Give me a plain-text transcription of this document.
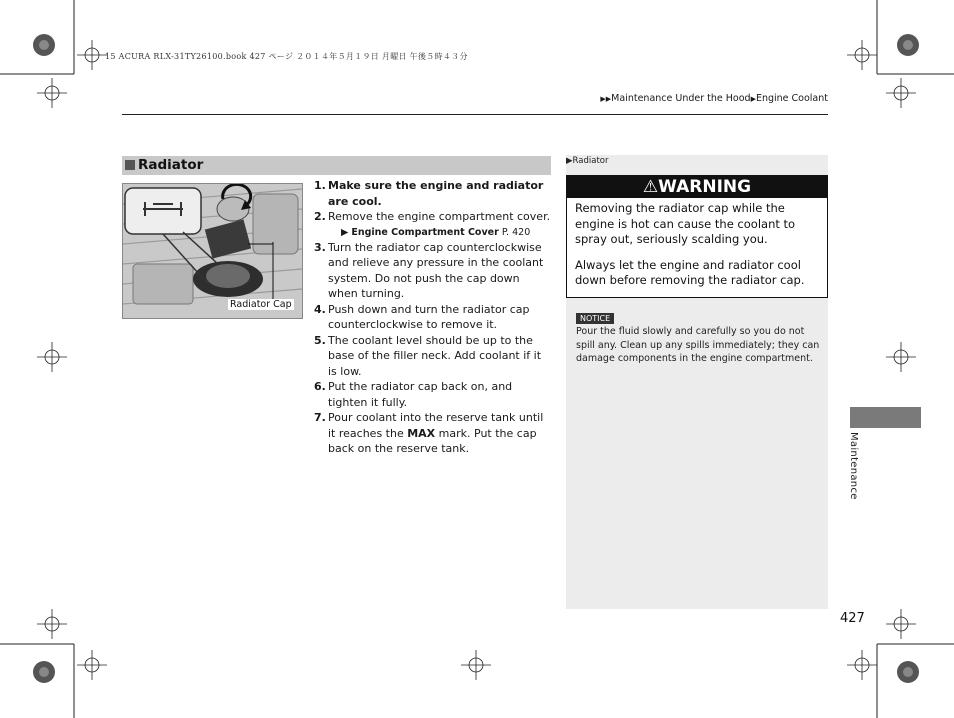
15 ACURA RLX-31TY26100.book 427 ページ ２０１４年５月１９日 月曜日 午後５時４３分
▶▶Maintenance Under the Hood▶Engine Coolant
Radiator
Radiator Cap
1. Make sure the engine and radiator are cool.
2. Remove the engine compartment cover.
▶ Engine Compartment Cover P. 420
3. Turn the radiator cap counterclockwise and relieve any pressure in the coolant system. Do not push the cap down when turning.
4. Push down and turn the radiator cap counterclockwise to remove it.
5. The coolant level should be up to the base of the filler neck. Add coolant if it is low.
6. Put the radiator cap back on, and tighten it fully.
7. Pour coolant into the reserve tank until it reaches the MAX mark. Put the cap back on the reserve tank.
▶Radiator
⚠WARNING

Removing the radiator cap while the engine is hot can cause the coolant to spray out, seriously scalding you.

Always let the engine and radiator cool down before removing the radiator cap.

NOTICE
Pour the fluid slowly and carefully so you do not spill any. Clean up any spills immediately; they can damage components in the engine compartment.
Maintenance
427
